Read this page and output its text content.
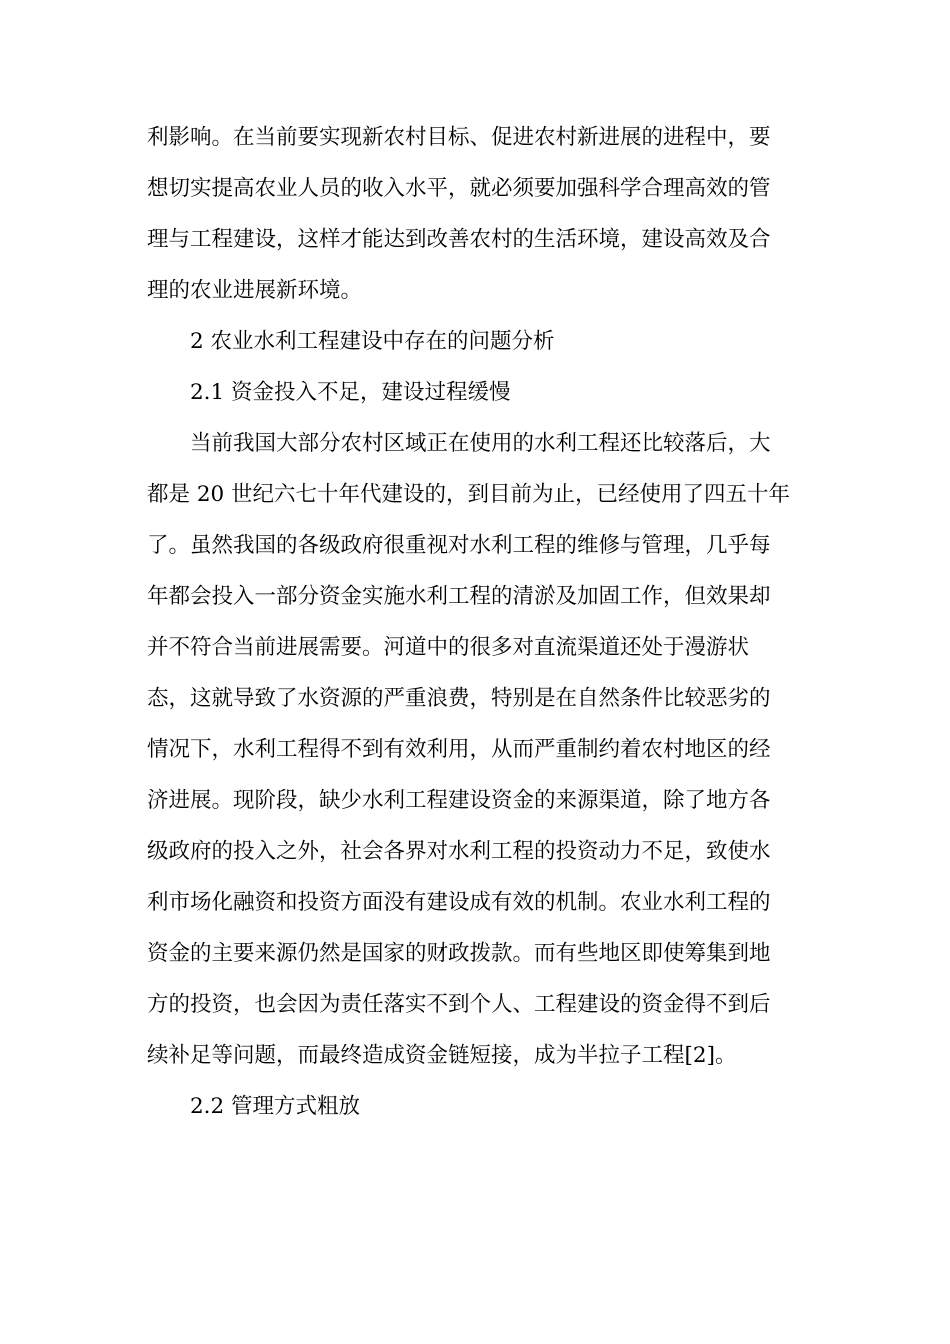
利影响。在当前要实现新农村目标、促进农村新进展的进程中，要
想切实提高农业人员的收入水平，就必须要加强科学合理高效的管
理与工程建设，这样才能达到改善农村的生活环境，建设高效及合
理的农业进展新环境。
2 农业水利工程建设中存在的问题分析
2.1 资金投入不足，建设过程缓慢
当前我国大部分农村区域正在使用的水利工程还比较落后，大
都是 20 世纪六七十年代建设的，到目前为止，已经使用了四五十年
了。虽然我国的各级政府很重视对水利工程的维修与管理，几乎每
年都会投入一部分资金实施水利工程的清淤及加固工作，但效果却
并不符合当前进展需要。河道中的很多对直流渠道还处于漫游状
态，这就导致了水资源的严重浪费，特别是在自然条件比较恶劣的
情况下，水利工程得不到有效利用，从而严重制约着农村地区的经
济进展。现阶段，缺少水利工程建设资金的来源渠道，除了地方各
级政府的投入之外，社会各界对水利工程的投资动力不足，致使水
利市场化融资和投资方面没有建设成有效的机制。农业水利工程的
资金的主要来源仍然是国家的财政拨款。而有些地区即使筹集到地
方的投资，也会因为责任落实不到个人、工程建设的资金得不到后
续补足等问题，而最终造成资金链短接，成为半拉子工程[2]。
2.2 管理方式粗放
